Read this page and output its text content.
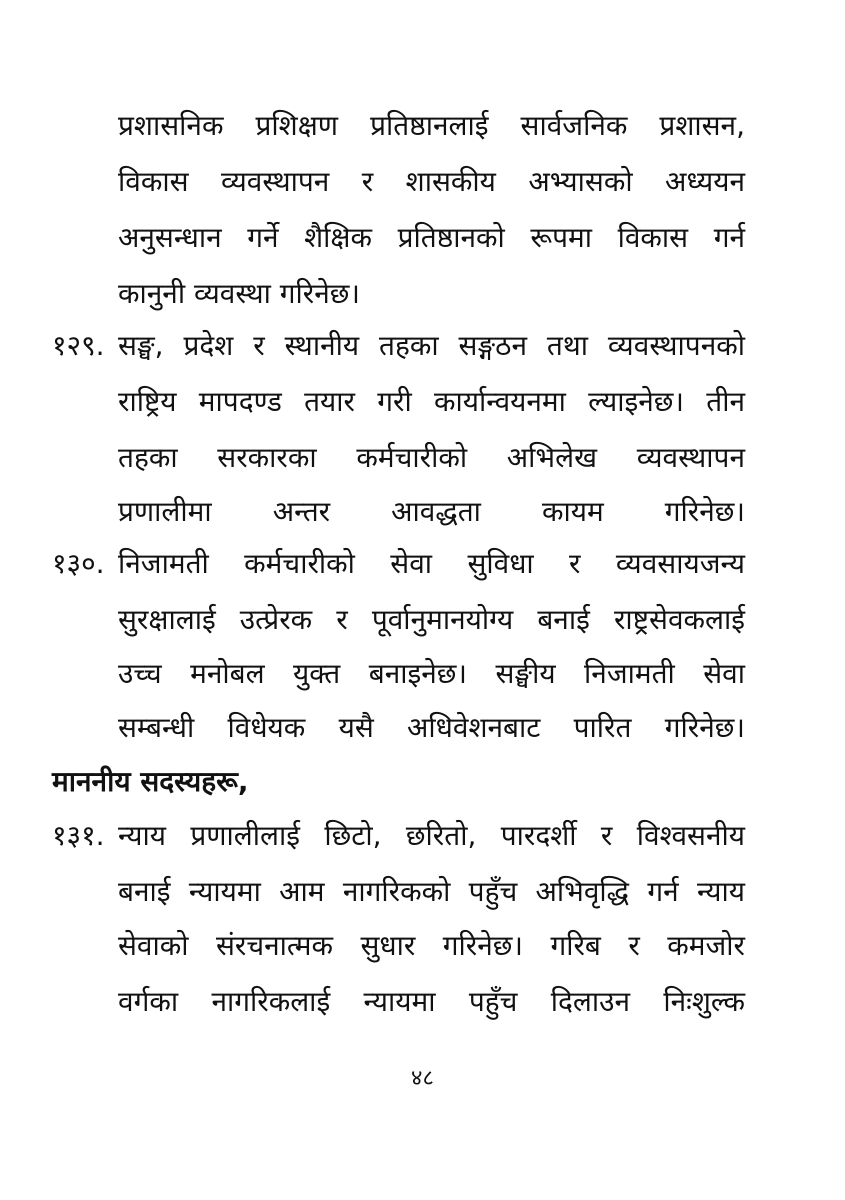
प्रशासनिक प्रशिक्षण प्रतिष्ठानलाई सार्वजनिक प्रशासन,
विकास व्यवस्थापन र शासकीय अभ्यासको अध्ययन
अनुसन्धान गर्ने शैक्षिक प्रतिष्ठानको रूपमा विकास गर्न
कानुनी व्यवस्था गरिनेछ।
१२९. सङ्घ, प्रदेश र स्थानीय तहका सङ्गठन तथा व्यवस्थापनको
राष्ट्रिय मापदण्ड तयार गरी कार्यान्वयनमा ल्याइनेछ। तीन
तहका सरकारका कर्मचारीको अभिलेख व्यवस्थापन
प्रणालीमा अन्तर आवद्धता कायम गरिनेछ।
१३०. निजामती कर्मचारीको सेवा सुविधा र व्यवसायजन्य
सुरक्षालाई उत्प्रेरक र पूर्वानुमानयोग्य बनाई राष्ट्रसेवकलाई
उच्च मनोबल युक्त बनाइनेछ। सङ्घीय निजामती सेवा
सम्बन्धी विधेयक यसै अधिवेशनबाट पारित गरिनेछ।
माननीय सदस्यहरू,
१३१. न्याय प्रणालीलाई छिटो, छरितो, पारदर्शी र विश्वसनीय
बनाई न्यायमा आम नागरिकको पहुँच अभिवृद्धि गर्न न्याय
सेवाको संरचनात्मक सुधार गरिनेछ। गरिब र कमजोर
वर्गका नागरिकलाई न्यायमा पहुँच दिलाउन निःशुल्क
४८
